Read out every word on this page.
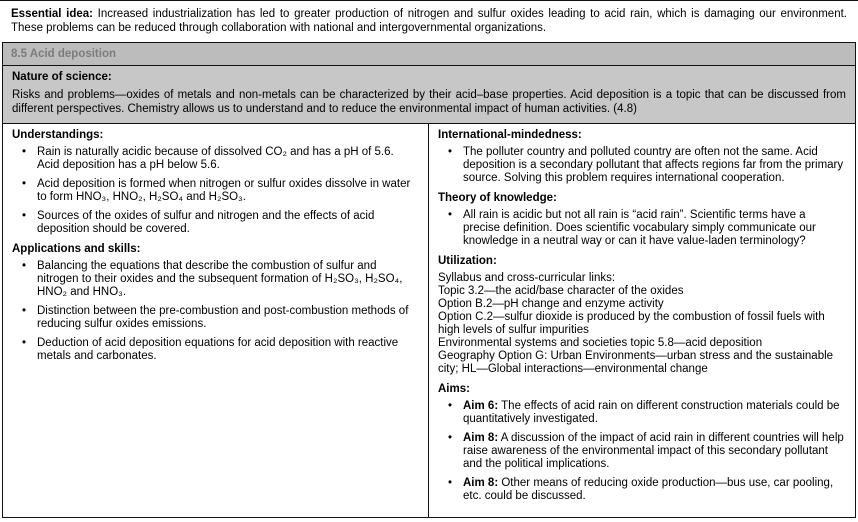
Essential idea: Increased industrialization has led to greater production of nitrogen and sulfur oxides leading to acid rain, which is damaging our environment. These problems can be reduced through collaboration with national and intergovernmental organizations.

8.5 Acid deposition
Nature of science:

Risks and problems—oxides of metals and non-metals can be characterized by their acid–base properties. Acid deposition is a topic that can be discussed from different perspectives. Chemistry allows us to understand and to reduce the environmental impact of human activities. (4.8)

Understandings:
•
Rain is naturally acidic because of dissolved CO₂ and has a pH of 5.6. Acid deposition has a pH below 5.6.
•
Acid deposition is formed when nitrogen or sulfur oxides dissolve in water to form HNO₃, HNO₂, H₂SO₄ and H₂SO₃.
•
Sources of the oxides of sulfur and nitrogen and the effects of acid deposition should be covered.
Applications and skills:
•
Balancing the equations that describe the combustion of sulfur and nitrogen to their oxides and the subsequent formation of H₂SO₃, H₂SO₄, HNO₂ and HNO₃.
•
Distinction between the pre-combustion and post-combustion methods of reducing sulfur oxides emissions.
•
Deduction of acid deposition equations for acid deposition with reactive metals and carbonates.
International-mindedness:
•
The polluter country and polluted country are often not the same. Acid deposition is a secondary pollutant that affects regions far from the primary source. Solving this problem requires international cooperation.
Theory of knowledge:
•
All rain is acidic but not all rain is “acid rain”. Scientific terms have a precise definition. Does scientific vocabulary simply communicate our knowledge in a neutral way or can it have value-laden terminology?
Utilization:
Syllabus and cross-curricular links:
Topic 3.2—the acid/base character of the oxides
Option B.2—pH change and enzyme activity
Option C.2—sulfur dioxide is produced by the combustion of fossil fuels with high levels of sulfur impurities
Environmental systems and societies topic 5.8—acid deposition
Geography Option G: Urban Environments—urban stress and the sustainable city; HL—Global interactions—environmental change
Aims:
•
Aim 6: The effects of acid rain on different construction materials could be quantitatively investigated.
•
Aim 8: A discussion of the impact of acid rain in different countries will help raise awareness of the environmental impact of this secondary pollutant and the political implications.
•
Aim 8: Other means of reducing oxide production—bus use, car pooling, etc. could be discussed.
